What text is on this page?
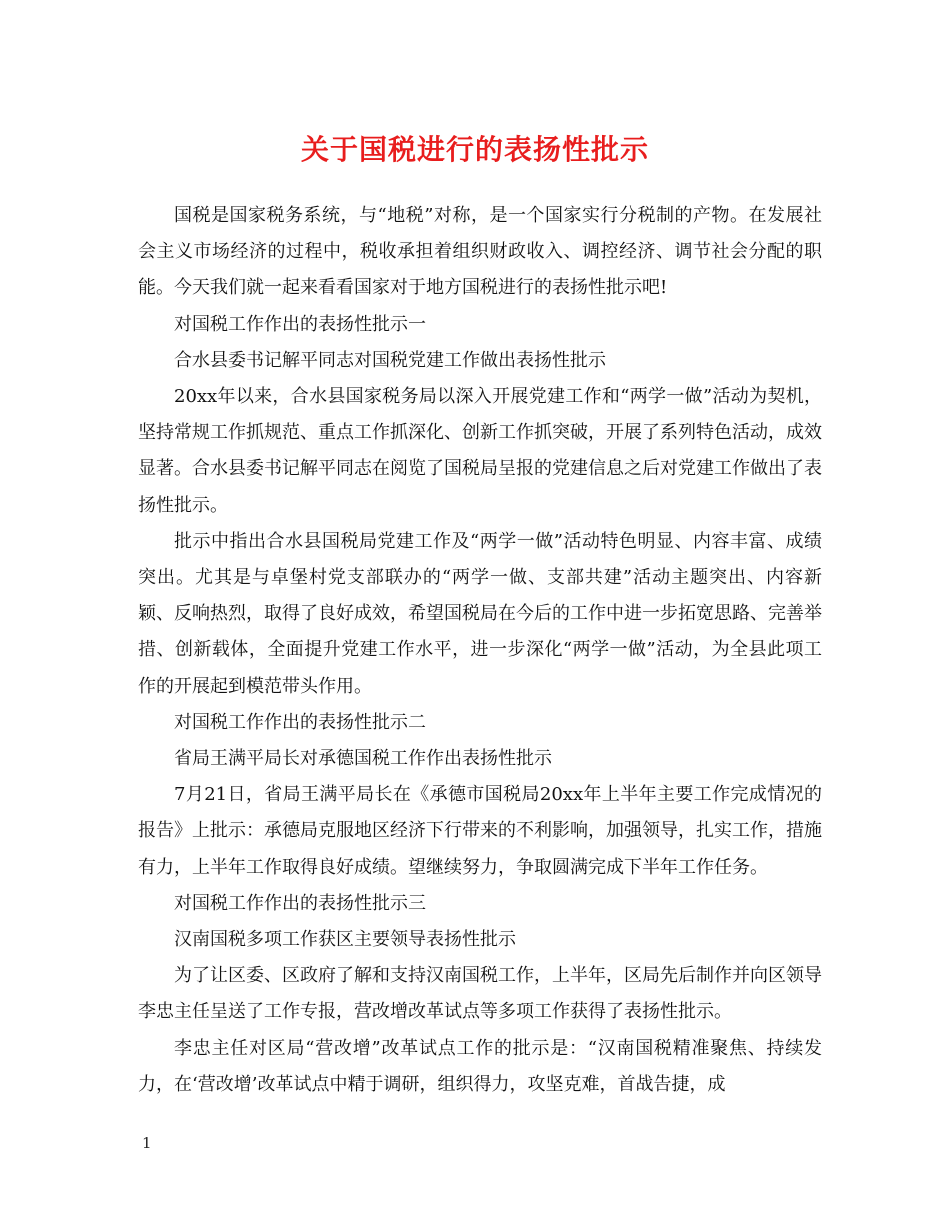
关于国税进行的表扬性批示

国税是国家税务系统，与“地税”对称，是一个国家实行分税制的产物。在发展社会主义市场经济的过程中，税收承担着组织财政收入、调控经济、调节社会分配的职能。今天我们就一起来看看国家对于地方国税进行的表扬性批示吧!

对国税工作作出的表扬性批示一

合水县委书记解平同志对国税党建工作做出表扬性批示

20xx年以来，合水县国家税务局以深入开展党建工作和“两学一做”活动为契机，坚持常规工作抓规范、重点工作抓深化、创新工作抓突破，开展了系列特色活动，成效显著。合水县委书记解平同志在阅览了国税局呈报的党建信息之后对党建工作做出了表扬性批示。

批示中指出合水县国税局党建工作及“两学一做”活动特色明显、内容丰富、成绩突出。尤其是与卓堡村党支部联办的“两学一做、支部共建”活动主题突出、内容新颖、反响热烈，取得了良好成效，希望国税局在今后的工作中进一步拓宽思路、完善举措、创新载体，全面提升党建工作水平，进一步深化“两学一做”活动，为全县此项工作的开展起到模范带头作用。

对国税工作作出的表扬性批示二

省局王满平局长对承德国税工作作出表扬性批示

7月21日，省局王满平局长在《承德市国税局20xx年上半年主要工作完成情况的报告》上批示：承德局克服地区经济下行带来的不利影响，加强领导，扎实工作，措施有力，上半年工作取得良好成绩。望继续努力，争取圆满完成下半年工作任务。

对国税工作作出的表扬性批示三

汉南国税多项工作获区主要领导表扬性批示

为了让区委、区政府了解和支持汉南国税工作，上半年，区局先后制作并向区领导李忠主任呈送了工作专报，营改增改革试点等多项工作获得了表扬性批示。

李忠主任对区局“营改增”改革试点工作的批示是：“汉南国税精准聚焦、持续发力，在‘营改增’改革试点中精于调研，组织得力，攻坚克难，首战告捷，成

1
